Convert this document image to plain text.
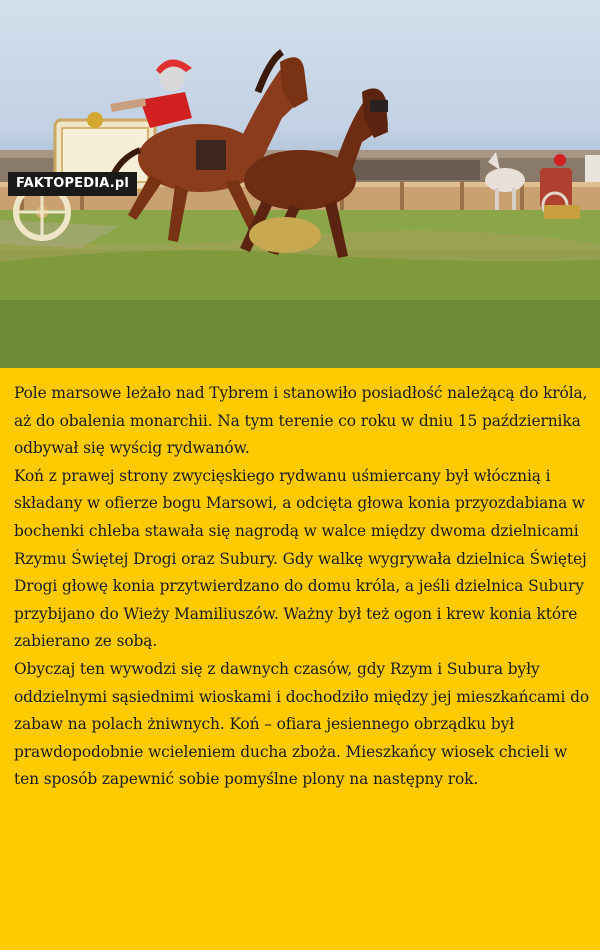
FAKTOPEDIA.pl

Pole marsowe leżało nad Tybrem i stanowiło posiadłość należącą do króla, aż do obalenia monarchii. Na tym terenie co roku w dniu 15 października odbywał się wyścig rydwanów.

Koń z prawej strony zwycięskiego rydwanu uśmiercany był włócznią i składany w ofierze bogu Marsowi, a odcięta głowa konia przyozdabiana w bochenki chleba stawała się nagrodą w walce między dwoma dzielnicami Rzymu Świętej Drogi oraz Subury. Gdy walkę wygrywała dzielnica Świętej Drogi głowę konia przytwierdzano do domu króla, a jeśli dzielnica Subury przybijano do Wieży Mamiliuszów. Ważny był też ogon i krew konia które zabierano ze sobą.

Obyczaj ten wywodzi się z dawnych czasów, gdy Rzym i Subura były oddzielnymi sąsiednimi wioskami i dochodziło między jej mieszkańcami do zabaw na polach żniwnych. Koń – ofiara jesiennego obrządku był prawdopodobnie wcieleniem ducha zboża. Mieszkańcy wiosek chcieli w ten sposób zapewnić sobie pomyślne plony na następny rok.
